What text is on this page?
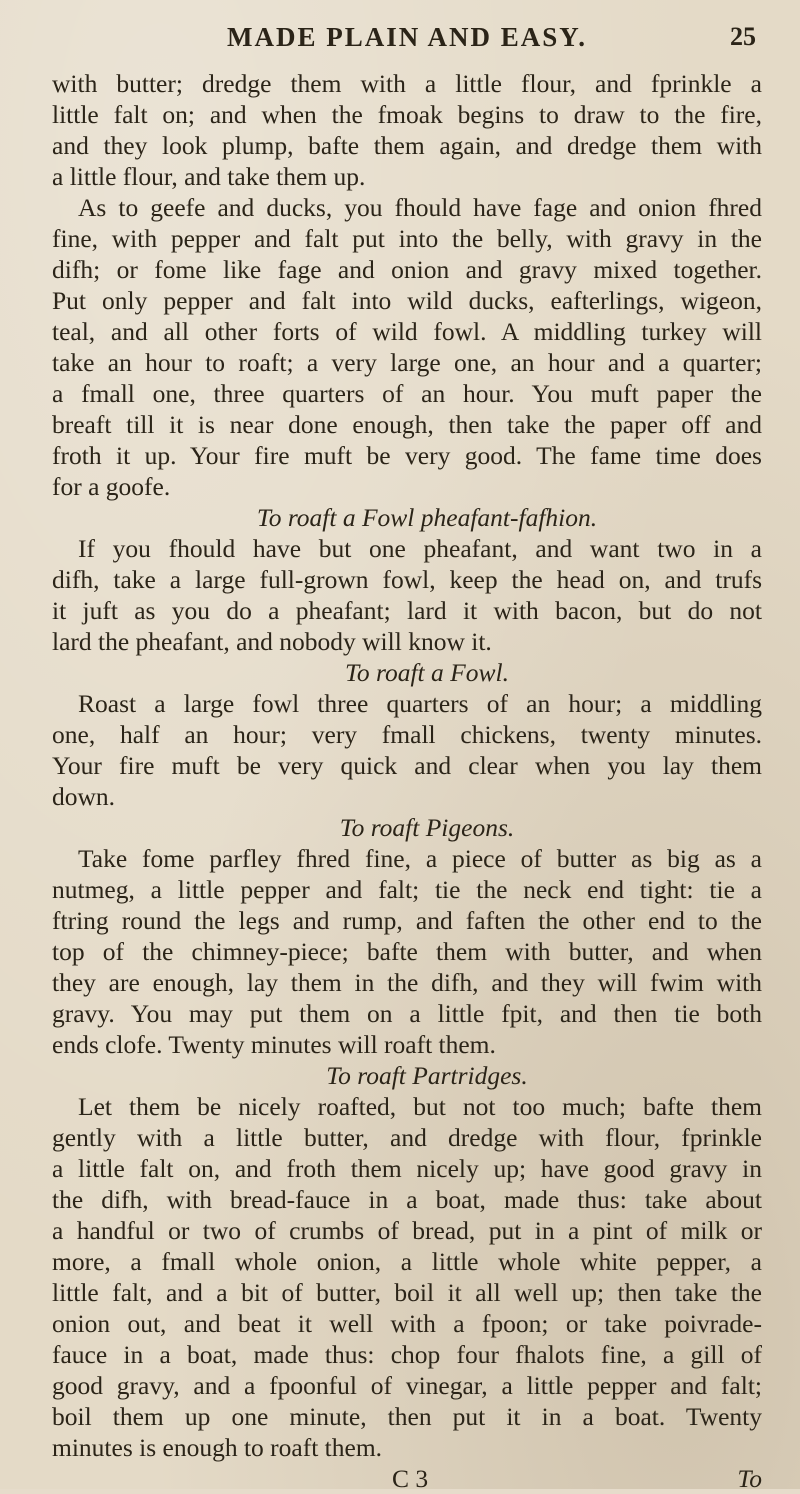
MADE PLAIN AND EASY.	25
with butter; dredge them with a little flour, and fprinkle a
little falt on; and when the fmoak begins to draw to the fire,
and they look plump, bafte them again, and dredge them with
a little flour, and take them up.
As to geefe and ducks, you fhould have fage and onion fhred
fine, with pepper and falt put into the belly, with gravy in the
difh; or fome like fage and onion and gravy mixed together.
Put only pepper and falt into wild ducks, eafterlings, wigeon,
teal, and all other forts of wild fowl. A middling turkey will
take an hour to roaft; a very large one, an hour and a quarter;
a fmall one, three quarters of an hour. You muft paper the
breaft till it is near done enough, then take the paper off and
froth it up. Your fire muft be very good. The fame time does
for a goofe.
To roaft a Fowl pheafant-fafhion.
If you fhould have but one pheafant, and want two in a
difh, take a large full-grown fowl, keep the head on, and trufs
it juft as you do a pheafant; lard it with bacon, but do not
lard the pheafant, and nobody will know it.
To roaft a Fowl.
Roast a large fowl three quarters of an hour; a middling
one, half an hour; very fmall chickens, twenty minutes.
Your fire muft be very quick and clear when you lay them
down.
To roaft Pigeons.
Take fome parfley fhred fine, a piece of butter as big as a
nutmeg, a little pepper and falt; tie the neck end tight: tie a
ftring round the legs and rump, and faften the other end to the
top of the chimney-piece; bafte them with butter, and when
they are enough, lay them in the difh, and they will fwim with
gravy. You may put them on a little fpit, and then tie both
ends clofe. Twenty minutes will roaft them.
To roaft Partridges.
Let them be nicely roafted, but not too much; bafte them
gently with a little butter, and dredge with flour, fprinkle
a little falt on, and froth them nicely up; have good gravy in
the difh, with bread-fauce in a boat, made thus: take about
a handful or two of crumbs of bread, put in a pint of milk or
more, a fmall whole onion, a little whole white pepper, a
little falt, and a bit of butter, boil it all well up; then take the
onion out, and beat it well with a fpoon; or take poivrade-
fauce in a boat, made thus: chop four fhalots fine, a gill of
good gravy, and a fpoonful of vinegar, a little pepper and falt;
boil them up one minute, then put it in a boat. Twenty
minutes is enough to roaft them.
C 3	To
